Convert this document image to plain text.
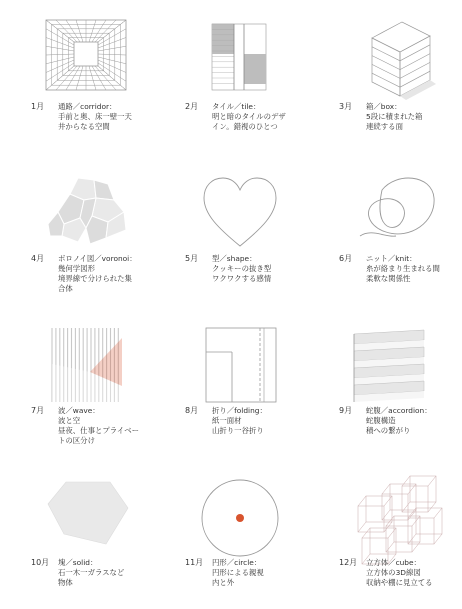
1月 通路／corridor：
手前と奥、床一壁一天
井からなる空間
2月 タイル／tile：
明と暗のタイルのデザ
イン。錯視のひとつ
3月 箱／box：
5段に積まれた箱
連続する面
4月 ボロノイ図／voronoi：
幾何学図形
境界線で分けられた集
合体
5月 型／shape：
クッキーの抜き型
ワクワクする感情
6月 ニット／knit：
糸が絡まり生まれる間
柔軟な関係性
7月 波／wave：
波と空
昼夜、仕事とプライベー
トの区分け
8月 折り／folding：
紙一面材
山折り一谷折り
9月 蛇腹／accordion：
蛇腹構造
積への繋がり
10月 塊／solid：
石一木一ガラスなど
物体
11月 円形／circle：
円形による親視
内と外
12月 立方体／cube：
立方体の3D線図
収納や棚に見立てる
